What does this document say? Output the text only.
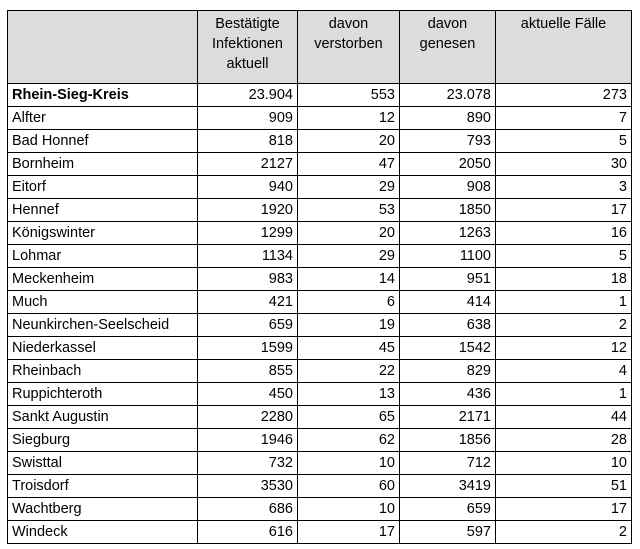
	Bestätigte Infektionen aktuell	davon verstorben	davon genesen	aktuelle Fälle
Rhein-Sieg-Kreis	23.904	553	23.078	273
Alfter	909	12	890	7
Bad Honnef	818	20	793	5
Bornheim	2127	47	2050	30
Eitorf	940	29	908	3
Hennef	1920	53	1850	17
Königswinter	1299	20	1263	16
Lohmar	1134	29	1100	5
Meckenheim	983	14	951	18
Much	421	6	414	1
Neunkirchen-Seelscheid	659	19	638	2
Niederkassel	1599	45	1542	12
Rheinbach	855	22	829	4
Ruppichteroth	450	13	436	1
Sankt Augustin	2280	65	2171	44
Siegburg	1946	62	1856	28
Swisttal	732	10	712	10
Troisdorf	3530	60	3419	51
Wachtberg	686	10	659	17
Windeck	616	17	597	2
